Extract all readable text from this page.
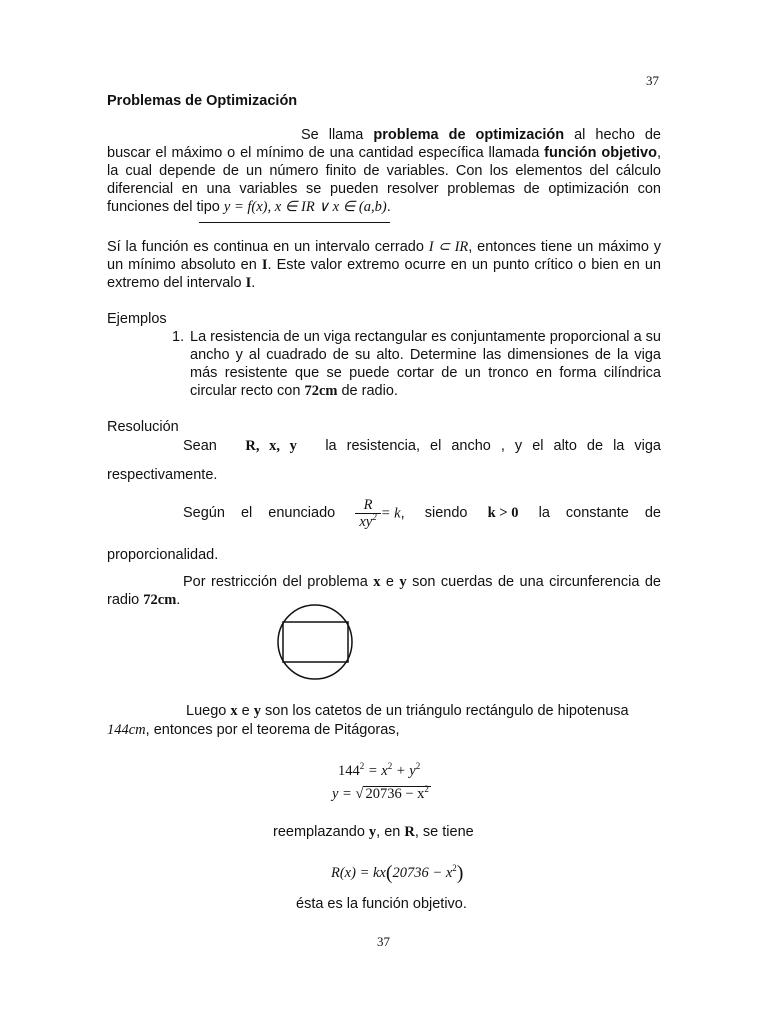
37
Problemas de Optimización
Se llama problema de optimización al hecho de buscar el máximo o el mínimo de una cantidad específica llamada función objetivo, la cual depende de un número finito de variables. Con los elementos del cálculo diferencial en una variables se pueden resolver problemas de optimización con funciones del tipo y = f(x), x ∈ IR ∨ x ∈ (a,b).
Sí la función es continua en un intervalo cerrado I ⊂ IR, entonces tiene un máximo y un mínimo absoluto en I. Este valor extremo ocurre en un punto crítico o bien en un extremo del intervalo I.
Ejemplos
1. La resistencia de un viga rectangular es conjuntamente proporcional a su ancho y al cuadrado de su alto. Determine las dimensiones de la viga más resistente que se puede cortar de un tronco en forma cilíndrica circular recto con 72cm de radio.
Resolución
Sean R, x, y la resistencia, el ancho , y el alto de la viga
respectivamente.
Según el enunciado $\frac{R}{xy^2} = k$, siendo k > 0 la constante de
proporcionalidad.
Por restricción del problema x e y son cuerdas de una circunferencia de radio 72cm.
Luego x e y son los catetos de un triángulo rectángulo de hipotenusa
144cm, entonces por el teorema de Pitágoras,
$144^2 = x^2 + y^2$
y = √ $20736 - x^2$
reemplazando y, en R, se tiene
$R(x) = kx(20736 - x^2)$
ésta es la función objetivo.
37
